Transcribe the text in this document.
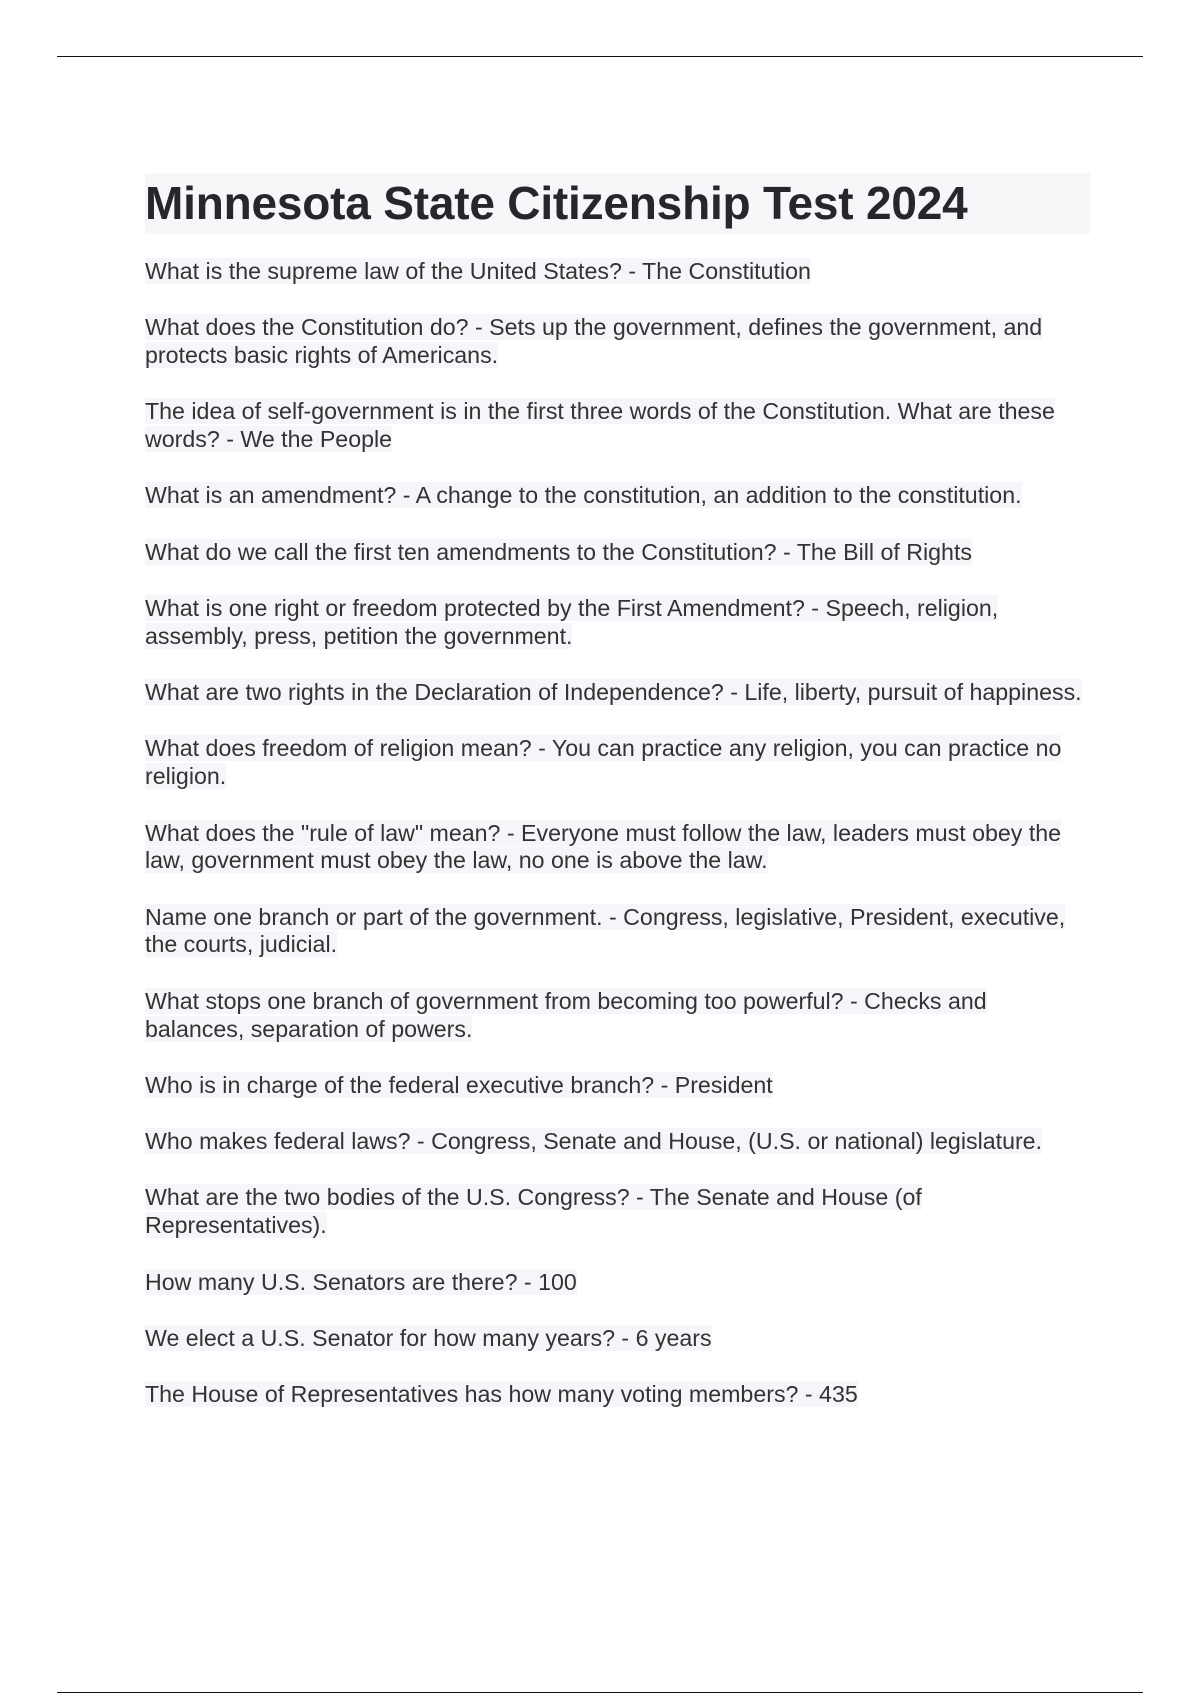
Minnesota State Citizenship Test 2024
What is the supreme law of the United States? - The Constitution
What does the Constitution do? - Sets up the government, defines the government, and protects basic rights of Americans.
The idea of self-government is in the first three words of the Constitution. What are these words? - We the People
What is an amendment? - A change to the constitution, an addition to the constitution.
What do we call the first ten amendments to the Constitution? - The Bill of Rights
What is one right or freedom protected by the First Amendment? - Speech, religion, assembly, press, petition the government.
What are two rights in the Declaration of Independence? - Life, liberty, pursuit of happiness.
What does freedom of religion mean? - You can practice any religion, you can practice no religion.
What does the "rule of law" mean? - Everyone must follow the law, leaders must obey the law, government must obey the law, no one is above the law.
Name one branch or part of the government. - Congress, legislative, President, executive, the courts, judicial.
What stops one branch of government from becoming too powerful? - Checks and balances, separation of powers.
Who is in charge of the federal executive branch? - President
Who makes federal laws? - Congress, Senate and House, (U.S. or national) legislature.
What are the two bodies of the U.S. Congress? - The Senate and House (of Representatives).
How many U.S. Senators are there? - 100
We elect a U.S. Senator for how many years? - 6 years
The House of Representatives has how many voting members? - 435
